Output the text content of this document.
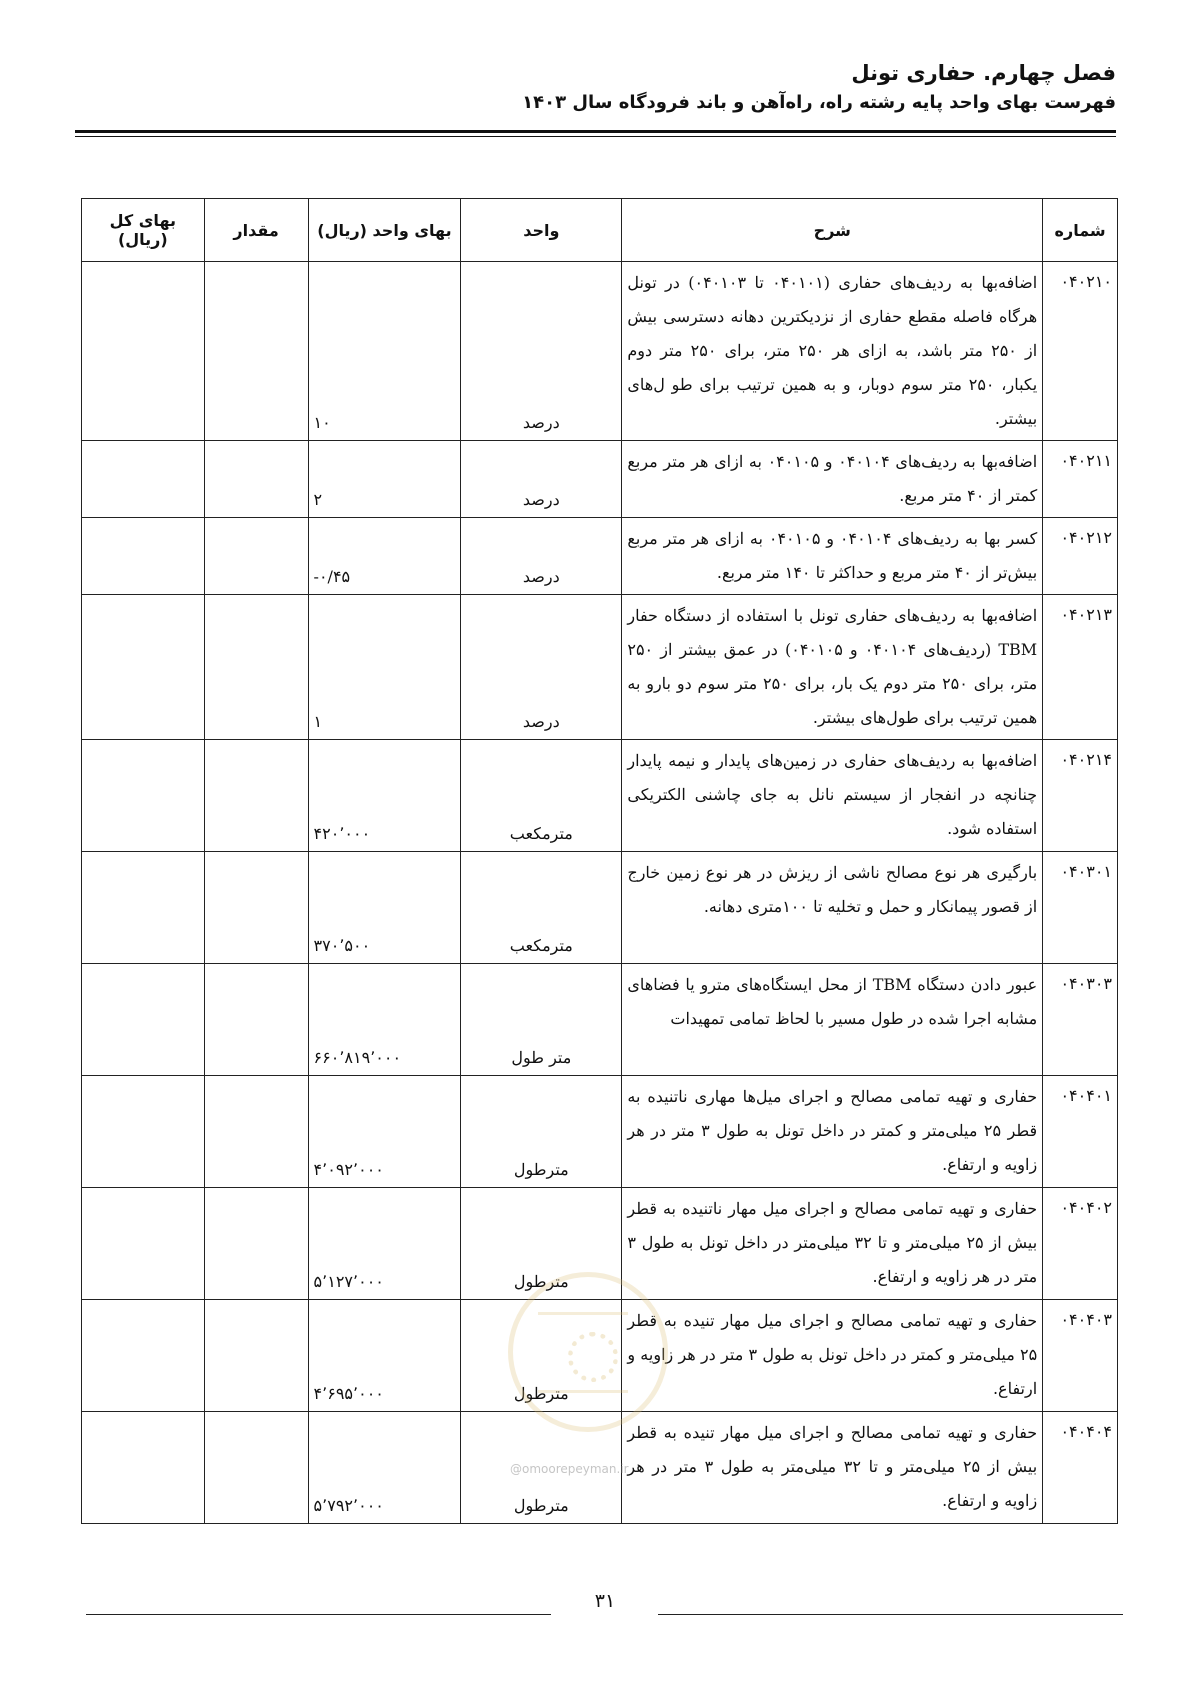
فصل چهارم. حفاری تونل
فهرست بهای واحد پایه رشته راه، راه‌آهن و باند فرودگاه سال ۱۴۰۳
شماره	شرح	واحد	بهای واحد (ریال)	مقدار	بهای کل (ریال)
۰۴۰۲۱۰	اضافه‌بها به ردیف‌های حفاری (۰۴۰۱۰۱ تا ۰۴۰۱۰۳) در تونل هرگاه فاصله مقطع حفاری از نزدیکترین دهانه دسترسی بیش از ۲۵۰ متر باشد، به ازای هر ۲۵۰ متر، برای ۲۵۰ متر دوم یکبار، ۲۵۰ متر سوم دوبار، و به همین ترتیب برای طو ل‌های بیشتر.	درصد	۱۰		
۰۴۰۲۱۱	اضافه‌بها به ردیف‌های ۰۴۰۱۰۴ و ۰۴۰۱۰۵ به ازای هر متر مربع کمتر از ۴۰ متر مربع.	درصد	۲		
۰۴۰۲۱۲	کسر بها به ردیف‌های ۰۴۰۱۰۴ و ۰۴۰۱۰۵ به ازای هر متر مربع بیش‌تر از ۴۰ متر مربع و حداکثر تا ۱۴۰ متر مربع.	درصد	-۰/۴۵		
۰۴۰۲۱۳	اضافه‌بها به ردیف‌های حفاری تونل با استفاده از دستگاه حفار TBM (ردیف‌های ۰۴۰۱۰۴ و ۰۴۰۱۰۵) در عمق بیشتر از ۲۵۰ متر، برای ۲۵۰ متر دوم یک بار، برای ۲۵۰ متر سوم دو بارو به همین ترتیب برای طول‌های بیشتر.	درصد	۱		
۰۴۰۲۱۴	اضافه‌بها به ردیف‌های حفاری در زمین‌های پایدار و نیمه پایدار چنانچه در انفجار از سیستم نانل به جای چاشنی الکتریکی استفاده شود.	مترمکعب	۴۲۰٬۰۰۰		
۰۴۰۳۰۱	بارگیری هر نوع مصالح ناشی از ریزش در هر نوع زمین خارج از قصور پیمانکار و حمل و تخلیه تا ۱۰۰متری دهانه.	مترمکعب	۳۷۰٬۵۰۰		
۰۴۰۳۰۳	عبور دادن دستگاه TBM از محل ایستگاه‌های مترو یا فضاهای مشابه اجرا شده در طول مسیر با لحاظ تمامی تمهیدات	متر طول	۶۶۰٬۸۱۹٬۰۰۰		
۰۴۰۴۰۱	حفاری و تهیه تمامی مصالح و اجرای میل‌ها مهاری ناتنیده به قطر ۲۵ میلی‌متر و کمتر در داخل تونل به طول ۳ متر در هر زاویه و ارتفاع.	مترطول	۴٬۰۹۲٬۰۰۰		
۰۴۰۴۰۲	حفاری و تهیه تمامی مصالح و اجرای میل مهار ناتنیده به قطر بیش از ۲۵ میلی‌متر و تا ۳۲ میلی‌متر در داخل تونل به طول ۳ متر در هر زاویه و ارتفاع.	مترطول	۵٬۱۲۷٬۰۰۰		
۰۴۰۴۰۳	حفاری و تهیه تمامی مصالح و اجرای میل مهار تنیده به قطر ۲۵ میلی‌متر و کمتر در داخل تونل به طول ۳ متر در هر زاویه و ارتفاع.	مترطول	۴٬۶۹۵٬۰۰۰		
۰۴۰۴۰۴	حفاری و تهیه تمامی مصالح و اجرای میل مهار تنیده به قطر بیش از ۲۵ میلی‌متر و تا ۳۲ میلی‌متر به طول ۳ متر در هر زاویه و ارتفاع.	مترطول	۵٬۷۹۲٬۰۰۰		
@omoorepeyman.ir
۳۱
